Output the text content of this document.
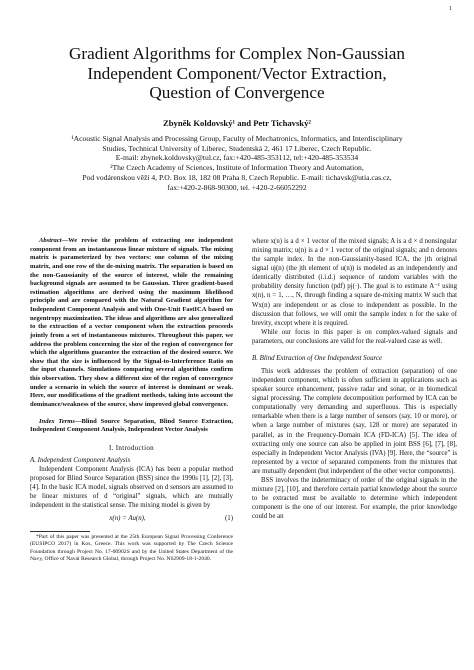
1
Gradient Algorithms for Complex Non-Gaussian
Independent Component/Vector Extraction,
Question of Convergence
Zbyněk Koldovský¹ and Petr Tichavský²
¹Acoustic Signal Analysis and Processing Group, Faculty of Mechatronics, Informatics, and Interdisciplinary
Studies, Technical University of Liberec, Studentská 2, 461 17 Liberec, Czech Republic.
E-mail: zbynek.koldovsky@tul.cz, fax:+420-485-353112, tel:+420-485-353534
²The Czech Academy of Sciences, Institute of Information Theory and Automation,
Pod vodárenskou věží 4, P.O. Box 18, 182 08 Praha 8, Czech Republic. E-mail: tichavsk@utia.cas.cz,
fax:+420-2-868-90300, tel. +420-2-66052292
Abstract—We revise the problem of extracting one independent component from an instantaneous linear mixture of signals. The mixing matrix is parameterized by two vectors: one column of the mixing matrix, and one row of the de-mixing matrix. The separation is based on the non-Gaussianity of the source of interest, while the remaining background signals are assumed to be Gaussian. Three gradient-based estimation algorithms are derived using the maximum likelihood principle and are compared with the Natural Gradient algorithm for Independent Component Analysis and with One-Unit FastICA based on negentropy maximization. The ideas and algorithms are also generalized to the extraction of a vector component when the extraction proceeds jointly from a set of instantaneous mixtures. Throughout this paper, we address the problem concerning the size of the region of convergence for which the algorithms guarantee the extraction of the desired source. We show that the size is influenced by the Signal-to-Interference Ratio on the input channels. Simulations comparing several algorithms confirm this observation. They show a different size of the region of convergence under a scenario in which the source of interest is dominant or weak. Here, our modifications of the gradient methods, taking into account the dominance/weakness of the source, show improved global convergence.
Index Terms—Blind Source Separation, Blind Source Extraction, Independent Component Analysis, Independent Vector Analysis
I. Introduction
A. Independent Component Analysis

Independent Component Analysis (ICA) has been a popular method proposed for Blind Source Separation (BSS) since the 1990s [1], [2], [3], [4]. In the basic ICA model, signals observed on d sensors are assumed to be linear mixtures of d “original” signals, which are mutually independent in the statistical sense. The mixing model is given by

x(n) = Au(n),	(1)
*Part of this paper was presented at the 25th European Signal Processing Conference (EUSIPCO 2017) in Kos, Greece. This work was supported by The Czech Science Foundation through Project No. 17-00902S and by the United States Department of the Navy, Office of Naval Research Global, through Project No. N62909-18-1-2040.

where x(n) is a d × 1 vector of the mixed signals; A is a d × d nonsingular mixing matrix; u(n) is a d × 1 vector of the original signals; and n denotes the sample index. In the non-Gaussianity-based ICA, the jth original signal uj(n) (the jth element of u(n)) is modeled as an independently and identically distributed (i.i.d.) sequence of random variables with the probability density function (pdf) pj(·). The goal is to estimate A⁻¹ using x(n), n = 1, …, N, through finding a square de-mixing matrix W such that Wx(n) are independent or as close to independent as possible. In the discussion that follows, we will omit the sample index n for the sake of brevity, except where it is required.

While our focus in this paper is on complex-valued signals and parameters, our conclusions are valid for the real-valued case as well.

B. Blind Extraction of One Independent Source

This work addresses the problem of extraction (separation) of one independent component, which is often sufficient in applications such as speaker source enhancement, passive radar and sonar, or in biomedical signal processing. The complete decomposition performed by ICA can be computationally very demanding and superfluous. This is especially remarkable when there is a large number of sensors (say, 10 or more), or when a large number of mixtures (say, 128 or more) are separated in parallel, as in the Frequency-Domain ICA (FD-ICA) [5]. The idea of extracting only one source can also be applied in joint BSS [6], [7], [8], especially in Independent Vector Analysis (IVA) [9]. Here, the “source” is represented by a vector of separated components from the mixtures that are mutually dependent (but independent of the other vector components).

BSS involves the indeterminacy of order of the original signals in the mixture [2], [10], and therefore certain partial knowledge about the source to be extracted must be available to determine which independent component is the one of our interest. For example, the prior knowledge could be an
